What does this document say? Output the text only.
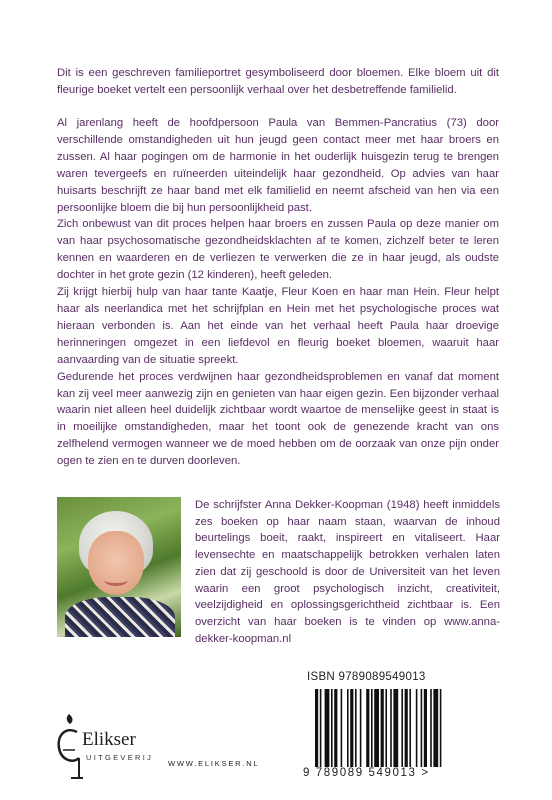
Dit is een geschreven familieportret gesymboliseerd door bloemen. Elke bloem uit dit fleurige boeket vertelt een persoonlijk verhaal over het desbetreffende familielid.

Al jarenlang heeft de hoofdpersoon Paula van Bemmen-Pancratius (73) door verschillende omstandigheden uit hun jeugd geen contact meer met haar broers en zussen. Al haar pogingen om de harmonie in het ouderlijk huisgezin terug te brengen waren tevergeefs en ruïneerden uiteindelijk haar gezondheid. Op advies van haar huisarts beschrijft ze haar band met elk familielid en neemt afscheid van hen via een persoonlijke bloem die bij hun persoonlijkheid past.

Zich onbewust van dit proces helpen haar broers en zussen Paula op deze manier om van haar psychosomatische gezondheidsklachten af te komen, zichzelf beter te leren kennen en waarderen en de verliezen te verwerken die ze in haar jeugd, als oudste dochter in het grote gezin (12 kinderen), heeft geleden.

Zij krijgt hierbij hulp van haar tante Kaatje, Fleur Koen en haar man Hein. Fleur helpt haar als neerlandica met het schrijfplan en Hein met het psychologische proces wat hieraan verbonden is. Aan het einde van het verhaal heeft Paula haar droevige herinneringen omgezet in een liefdevol en fleurig boeket bloemen, waaruit haar aanvaarding van de situatie spreekt.

Gedurende het proces verdwijnen haar gezondheidsproblemen en vanaf dat moment kan zij veel meer aanwezig zijn en genieten van haar eigen gezin. Een bijzonder verhaal waarin niet alleen heel duidelijk zichtbaar wordt waartoe de menselijke geest in staat is in moeilijke omstandigheden, maar het toont ook de genezende kracht van ons zelfhelend vermogen wanneer we de moed hebben om de oorzaak van onze pijn onder ogen te zien en te durven doorleven.

De schrijfster Anna Dekker-Koopman (1948) heeft inmiddels zes boeken op haar naam staan, waarvan de inhoud beurtelings boeit, raakt, inspireert en vitaliseert. Haar levensechte en maatschappelijk betrokken verhalen laten zien dat zij geschoold is door de Universiteit van het leven waarin een groot psychologisch inzicht, creativiteit, veelzijdigheid en oplossingsgerichtheid zichtbaar is. Een overzicht van haar boeken is te vinden op www.anna-dekker-koopman.nl
Elikser
UITGEVERIJ
WWW.ELIKSER.NL
ISBN 9789089549013
9 789089 549013 >
